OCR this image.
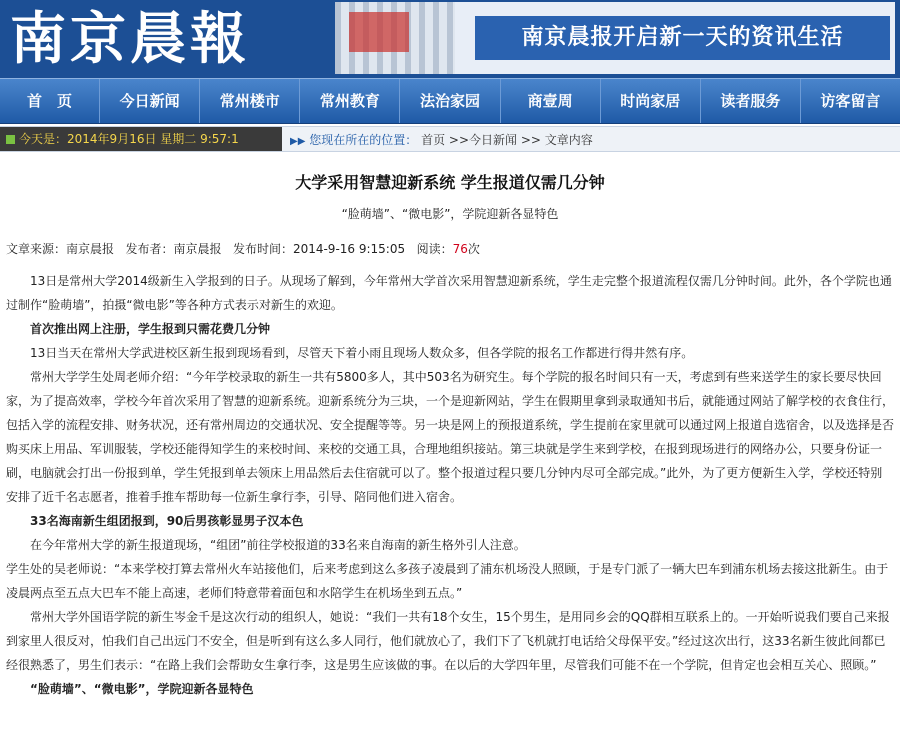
南京晨報	南京晨报开启新一天的资讯生活
首　页	今日新闻	常州楼市	常州教育	法治家园	商壹周	时尚家居	读者服务	访客留言
今天是：2014年9月16日 星期二 9:57:1	▶▶ 您现在所在的位置： 首页 >>今日新闻 >> 文章内容
大学采用智慧迎新系统 学生报道仅需几分钟
“脸萌墙”、“微电影”，学院迎新各显特色
文章来源：南京晨报 发布者：南京晨报 发布时间：2014-9-16 9:15:05 阅读：76次

13日是常州大学2014级新生入学报到的日子。从现场了解到，今年常州大学首次采用智慧迎新系统，学生走完整个报道流程仅需几分钟时间。此外，各个学院也通过制作“脸萌墙”，拍摄“微电影”等各种方式表示对新生的欢迎。

首次推出网上注册，学生报到只需花费几分钟

13日当天在常州大学武进校区新生报到现场看到，尽管天下着小雨且现场人数众多，但各学院的报名工作都进行得井然有序。

常州大学学生处周老师介绍：“今年学校录取的新生一共有5800多人，其中503名为研究生。每个学院的报名时间只有一天，考虑到有些来送学生的家长要尽快回家，为了提高效率，学校今年首次采用了智慧的迎新系统。迎新系统分为三块，一个是迎新网站，学生在假期里拿到录取通知书后，就能通过网站了解学校的衣食住行，包括入学的流程安排、财务状况，还有常州周边的交通状况、安全提醒等等。另一块是网上的预报道系统，学生提前在家里就可以通过网上报道自选宿舍，以及选择是否购买床上用品、军训服装，学校还能得知学生的来校时间、来校的交通工具，合理地组织接站。第三块就是学生来到学校，在报到现场进行的网络办公，只要身份证一刷，电脑就会打出一份报到单，学生凭报到单去领床上用品然后去住宿就可以了。整个报道过程只要几分钟内尽可全部完成。”此外，为了更方便新生入学，学校还特别安排了近千名志愿者，推着手推车帮助每一位新生拿行李，引导、陪同他们进入宿舍。

33名海南新生组团报到，90后男孩彰显男子汉本色

在今年常州大学的新生报道现场，“组团”前往学校报道的33名来自海南的新生格外引人注意。

学生处的吴老师说：“本来学校打算去常州火车站接他们，后来考虑到这么多孩子凌晨到了浦东机场没人照顾，于是专门派了一辆大巴车到浦东机场去接这批新生。由于凌晨两点至五点大巴车不能上高速，老师们特意带着面包和水陪学生在机场坐到五点。”

常州大学外国语学院的新生岑金千是这次行动的组织人，她说：“我们一共有18个女生，15个男生，是用同乡会的QQ群相互联系上的。一开始听说我们要自己来报到家里人很反对，怕我们自己出远门不安全，但是听到有这么多人同行，他们就放心了，我们下了飞机就打电话给父母保平安。”经过这次出行，这33名新生彼此间都已经很熟悉了，男生们表示：“在路上我们会帮助女生拿行李，这是男生应该做的事。在以后的大学四年里，尽管我们可能不在一个学院，但肯定也会相互关心、照顾。”

“脸萌墙”、“微电影”，学院迎新各显特色
